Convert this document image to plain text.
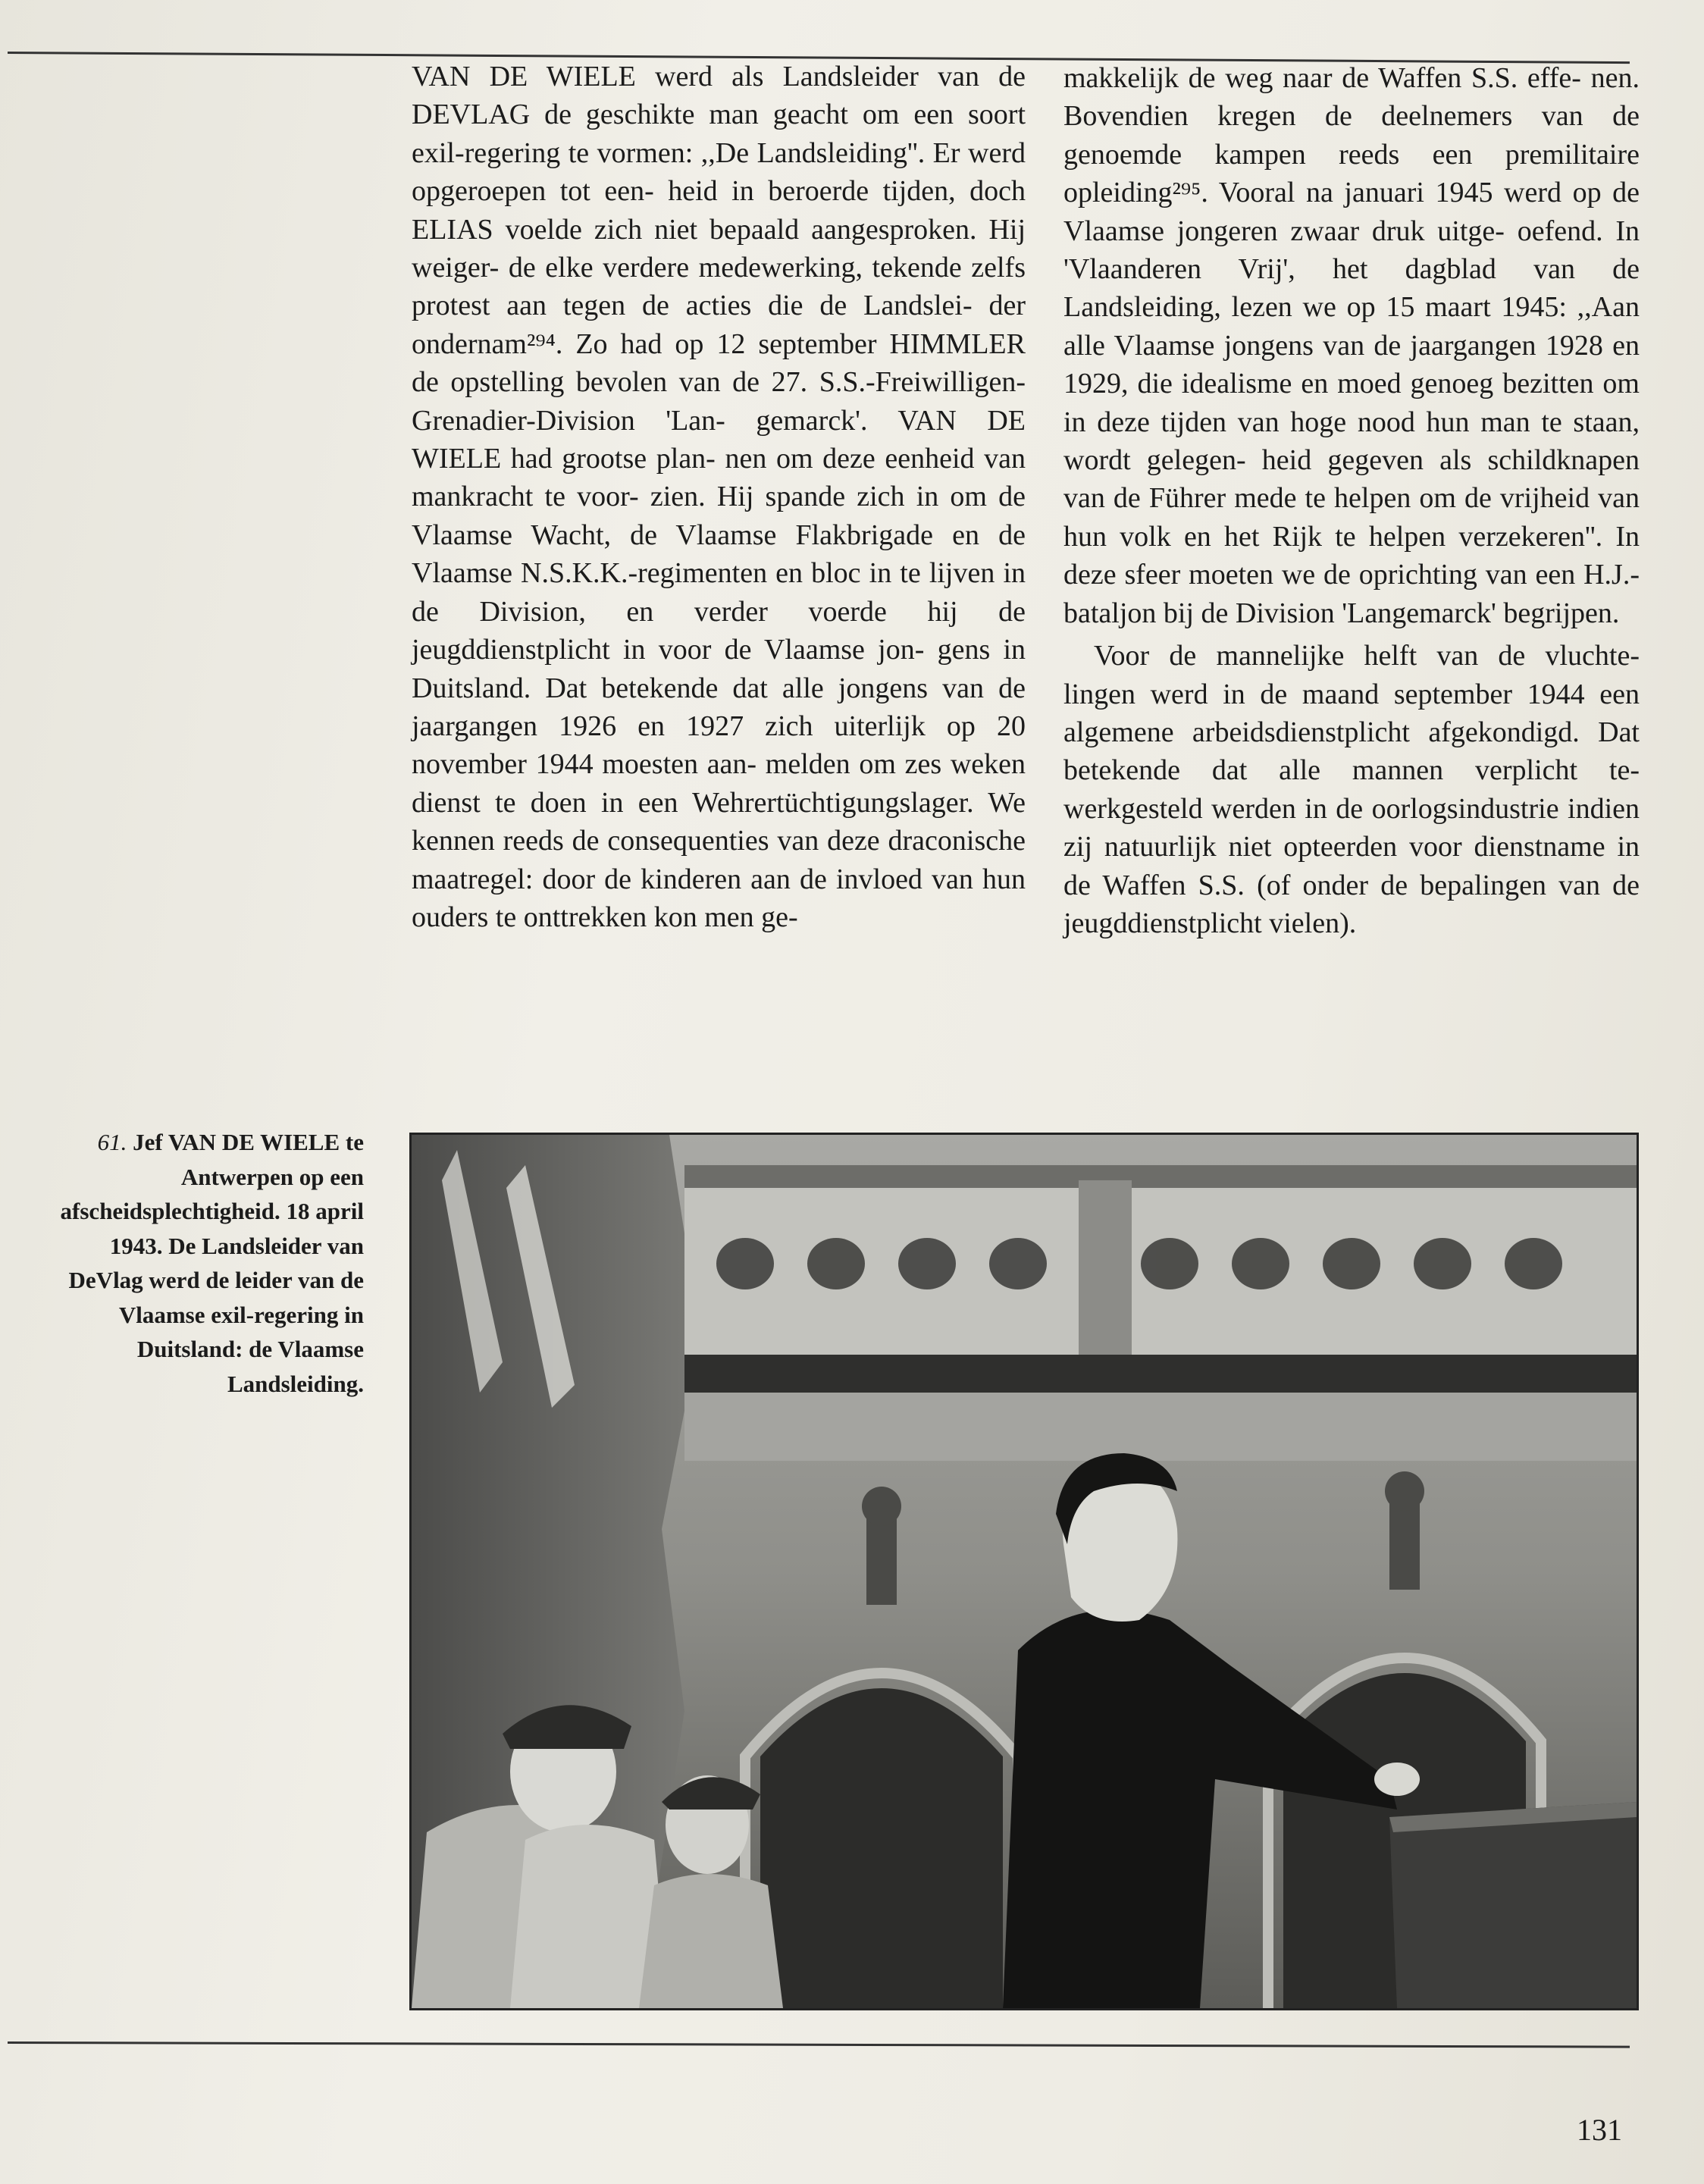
VAN DE WIELE werd als Landsleider van de DEVLAG de geschikte man geacht om een soort exil-regering te vormen: ,,De Landsleiding''. Er werd opgeroepen tot een- heid in beroerde tijden, doch ELIAS voelde zich niet bepaald aangesproken. Hij weiger- de elke verdere medewerking, tekende zelfs protest aan tegen de acties die de Landslei- der ondernam²⁹⁴. Zo had op 12 september HIMMLER de opstelling bevolen van de 27. S.S.-Freiwilligen-Grenadier-Division 'Lan- gemarck'. VAN DE WIELE had grootse plan- nen om deze eenheid van mankracht te voor- zien. Hij spande zich in om de Vlaamse Wacht, de Vlaamse Flakbrigade en de Vlaamse N.S.K.K.-regimenten en bloc in te lijven in de Division, en verder voerde hij de jeugddienstplicht in voor de Vlaamse jon- gens in Duitsland. Dat betekende dat alle jongens van de jaargangen 1926 en 1927 zich uiterlijk op 20 november 1944 moesten aan- melden om zes weken dienst te doen in een Wehrertüchtigungslager. We kennen reeds de consequenties van deze draconische maatregel: door de kinderen aan de invloed van hun ouders te onttrekken kon men ge-

makkelijk de weg naar de Waffen S.S. effe- nen. Bovendien kregen de deelnemers van de genoemde kampen reeds een premilitaire opleiding²⁹⁵. Vooral na januari 1945 werd op de Vlaamse jongeren zwaar druk uitge- oefend. In 'Vlaanderen Vrij', het dagblad van de Landsleiding, lezen we op 15 maart 1945: ,,Aan alle Vlaamse jongens van de jaargangen 1928 en 1929, die idealisme en moed genoeg bezitten om in deze tijden van hoge nood hun man te staan, wordt gelegen- heid gegeven als schildknapen van de Führer mede te helpen om de vrijheid van hun volk en het Rijk te helpen verzekeren''. In deze sfeer moeten we de oprichting van een H.J.-bataljon bij de Division 'Langemarck' begrijpen.

Voor de mannelijke helft van de vluchte- lingen werd in de maand september 1944 een algemene arbeidsdienstplicht afgekondigd. Dat betekende dat alle mannen verplicht te- werkgesteld werden in de oorlogsindustrie indien zij natuurlijk niet opteerden voor dienstname in de Waffen S.S. (of onder de bepalingen van de jeugddienstplicht vielen).

61. Jef VAN DE WIELE te
Antwerpen op een
afscheidsplechtigheid. 18 april
1943. De Landsleider van
DeVlag werd de leider van de
Vlaamse exil-regering in
Duitsland: de Vlaamse
Landsleiding.
131
